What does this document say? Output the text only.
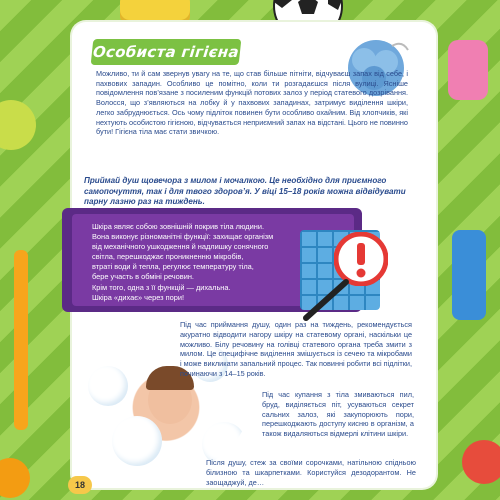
Особиста гігієна

Можливо, ти й сам звернув увагу на те, що став більше пітніти, відчуваєш запах від себе, і пахвових западин. Особливо це помітно, коли ти розгадаєшся після вулиці. Ясніше повідомлення пов’язане з посиленим функцій потових залоз у період статевого дозрівання. Волосся, що з’являються на лобку й у пахвових западинах, затримує виділення шкіри, легко забруднюється. Ось чому підліток повинен бути особливо охайним. Від хлопчиків, які нехтують особистою гігієною, відчувається неприємний запах на відстані. Цього не повинно бути! Гігієна тіла має стати звичкою.

Приймай душ щовечора з милом і мочалкою. Це необхідно для приємного самопочуття, так і для твого здоров’я. У віці 15–18 років можна відвідувати парну лазню раз на тиждень.

Шкіра являє собою зовнішній покрив тіла людини.
Вона виконує різноманітні функції: захищає організм
від механічного ушкодження й надлишку сонячного
світла, перешкоджає проникненню мікробів,
втраті води й тепла, регулює температуру тіла,
бере участь в обміні речовин.
Крім того, одна з її функцій — дихальна.
Шкіра «дихає» через пори!

Під час приймання душу, один раз на тиждень, рекомендується акуратно відводити нагору шкіру на статевому органі, наскільки це можливо. Білу речовину на голівці статевого органа треба змити з милом. Це специфічне виділення змішується із сечею та мікробами і може викликати запальний процес. Так повинні робити всі підлітки, починаючи з 14–15 років.

Під час купання з тіла змиваються пил, бруд, виділяється піт, усуваються секрет сальних залоз, які закупорюють пори, перешкоджають доступу кисню в організм, а також видаляються відмерлі клітини шкіри.

Після душу, стеж за своїми сорочками, натільною спідньою білизною та шкарпетками. Користуйся дезодорантом. Не заощаджуй, де…

18
